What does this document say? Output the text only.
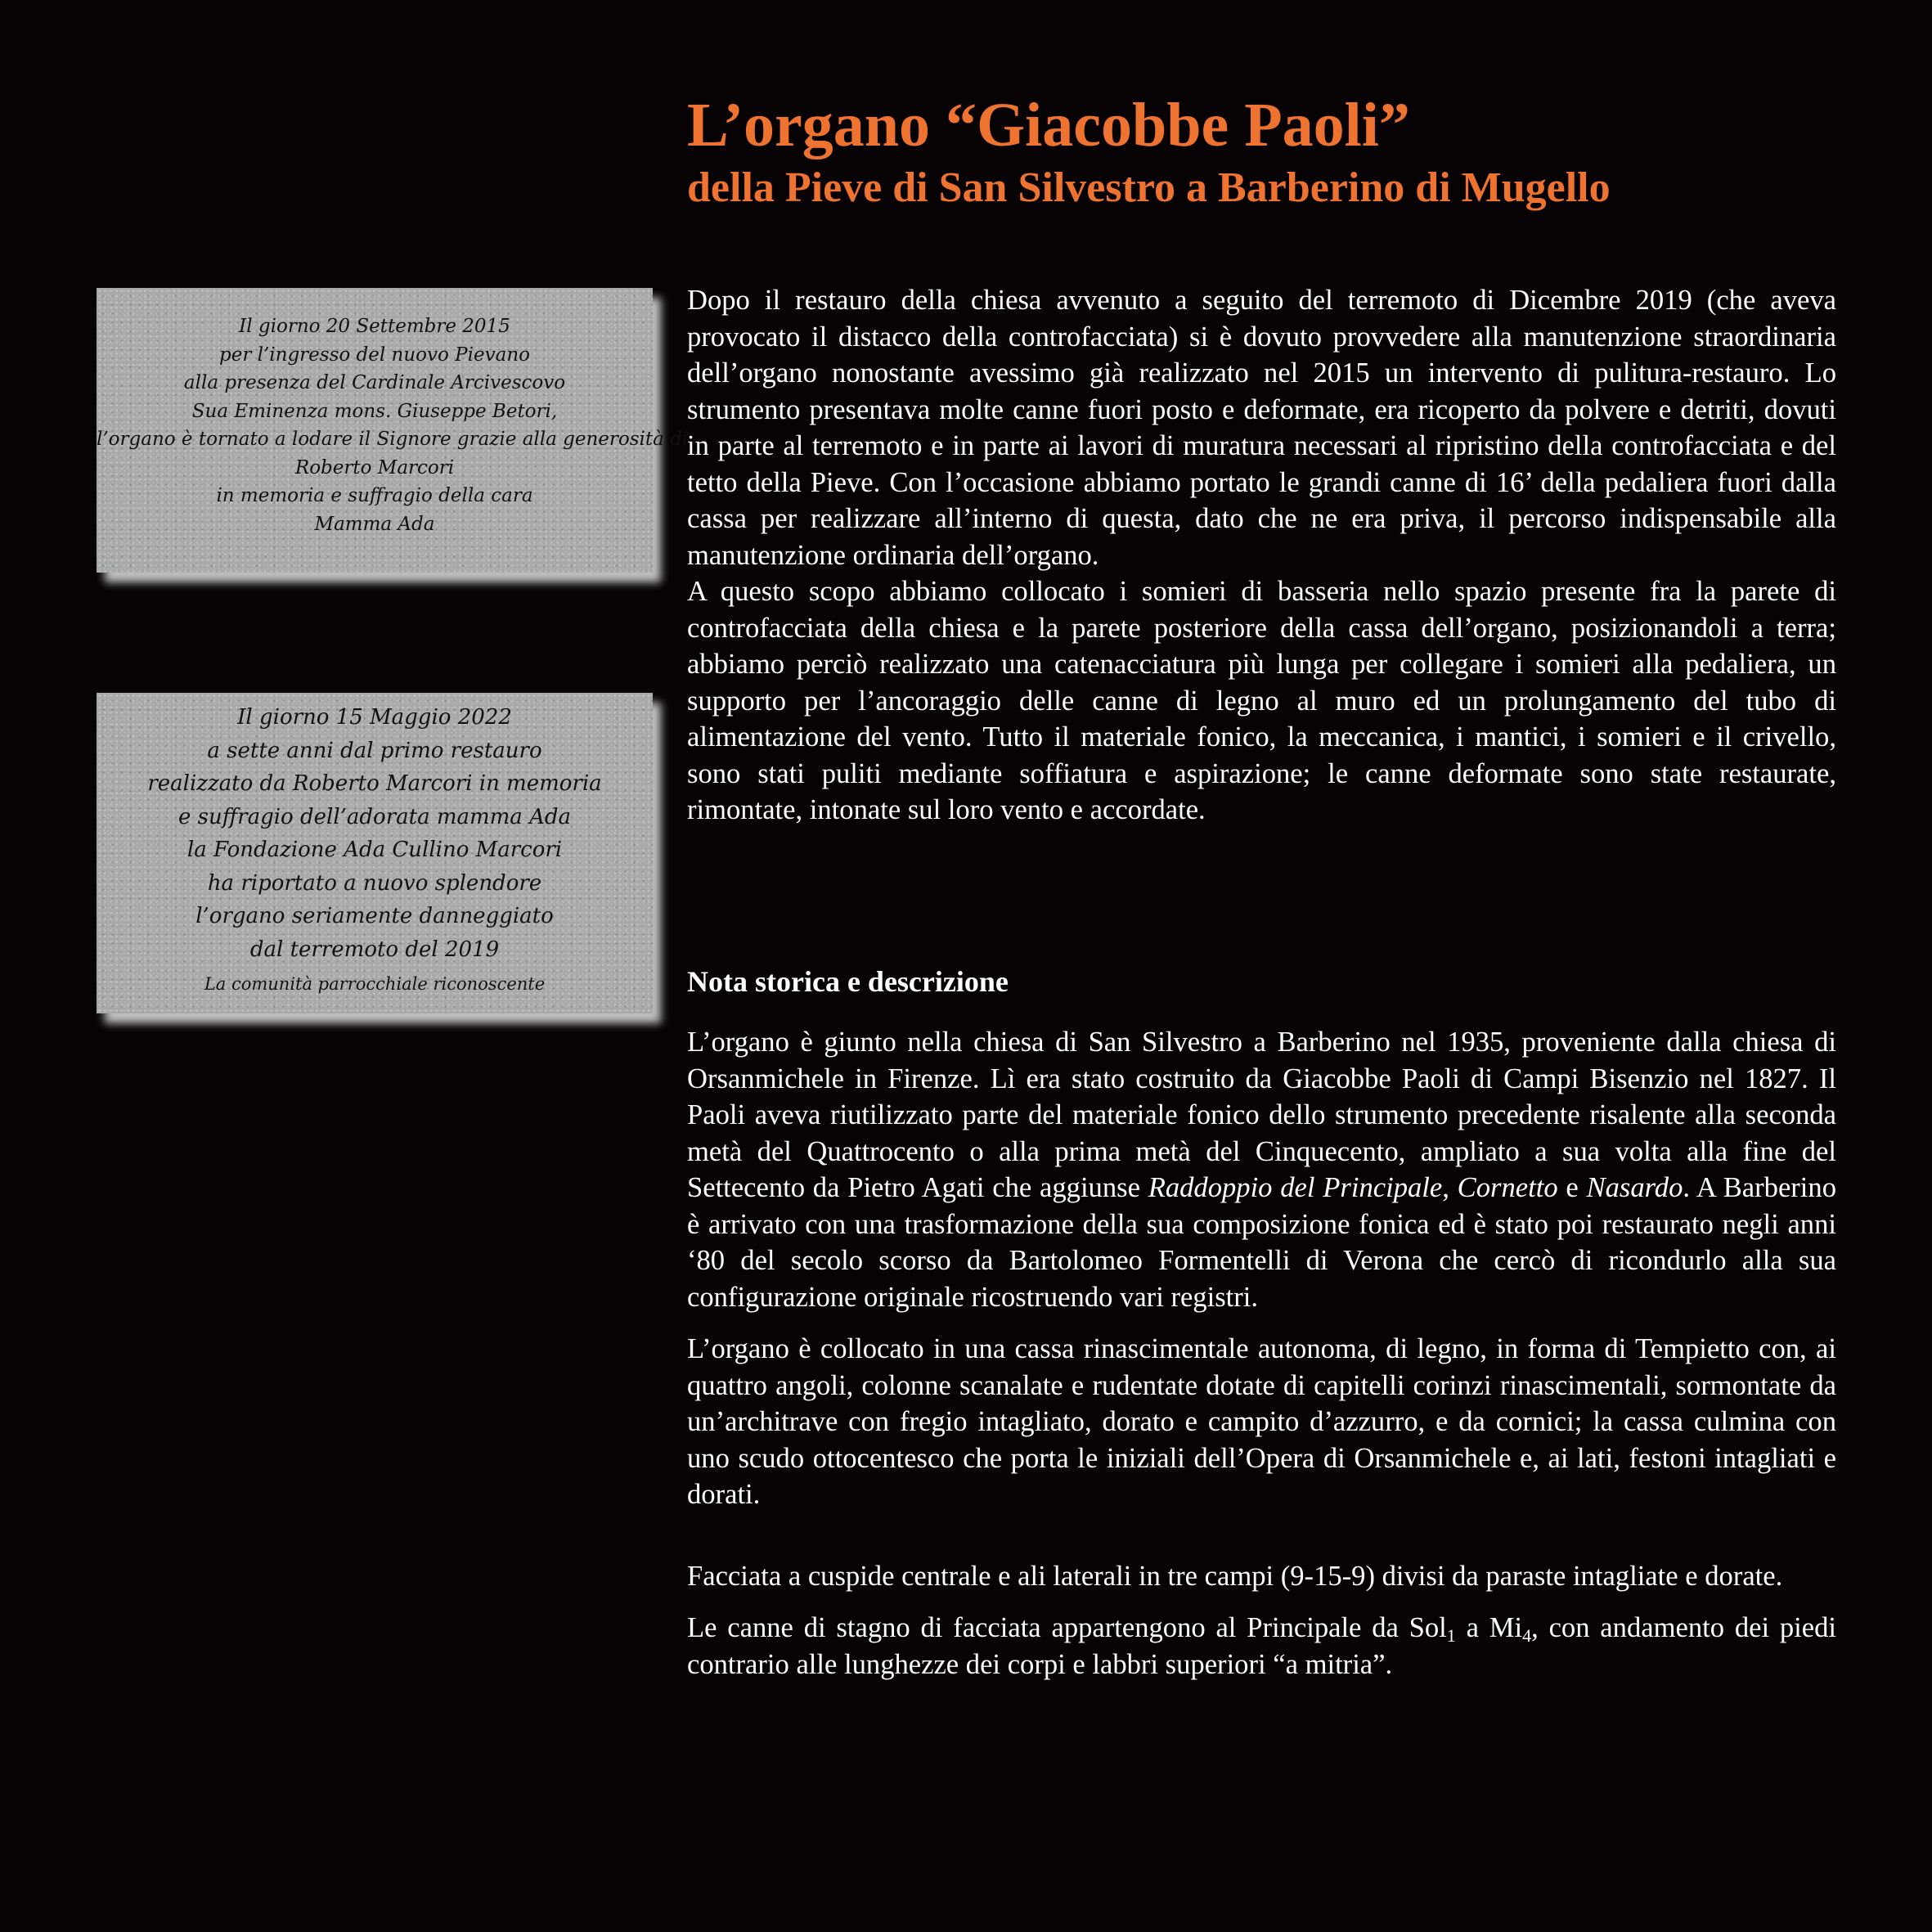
L’organo “Giacobbe Paoli”
della Pieve di San Silvestro a Barberino di Mugello
Il giorno 20 Settembre 2015
per l’ingresso del nuovo Pievano
alla presenza del Cardinale Arcivescovo
Sua Eminenza mons. Giuseppe Betori,
l’organo è tornato a lodare il Signore grazie alla generosità di
Roberto Marcori
in memoria e suffragio della cara
Mamma Ada
Il giorno 15 Maggio 2022
a sette anni dal primo restauro
realizzato da Roberto Marcori in memoria
e suffragio dell’adorata mamma Ada
la Fondazione Ada Cullino Marcori
ha riportato a nuovo splendore
l’organo seriamente danneggiato
dal terremoto del 2019
La comunità parrocchiale riconoscente

Dopo il restauro della chiesa avvenuto a seguito del terremoto di Dicembre 2019 (che aveva provocato il distacco della controfacciata) si è dovuto provvedere alla manutenzione straordinaria dell’organo nonostante avessimo già realizzato nel 2015 un intervento di pulitura-restauro. Lo strumento presentava molte canne fuori posto e deformate, era ricoperto da polvere e detriti, dovuti in parte al terremoto e in parte ai lavori di muratura necessari al ripristino della controfacciata e del tetto della Pieve. Con l’occasione abbiamo portato le grandi canne di 16’ della pedaliera fuori dalla cassa per realizzare all’interno di questa, dato che ne era priva, il percorso indispensabile alla manutenzione ordinaria dell’organo.

A questo scopo abbiamo collocato i somieri di basseria nello spazio presente fra la parete di controfacciata della chiesa e la parete posteriore della cassa dell’organo, posizionandoli a terra; abbiamo perciò realizzato una catenacciatura più lunga per collegare i somieri alla pedaliera, un supporto per l’ancoraggio delle canne di legno al muro ed un prolungamento del tubo di alimentazione del vento. Tutto il materiale fonico, la meccanica, i mantici, i somieri e il crivello, sono stati puliti mediante soffiatura e aspirazione; le canne deformate sono state restaurate, rimontate, intonate sul loro vento e accordate.

Nota storica e descrizione

L’organo è giunto nella chiesa di San Silvestro a Barberino nel 1935, proveniente dalla chiesa di Orsanmichele in Firenze. Lì era stato costruito da Giacobbe Paoli di Campi Bisenzio nel 1827. Il Paoli aveva riutilizzato parte del materiale fonico dello strumento precedente risalente alla seconda metà del Quattrocento o alla prima metà del Cinquecento, ampliato a sua volta alla fine del Settecento da Pietro Agati che aggiunse Raddoppio del Principale, Cornetto e Nasardo. A Barberino è arrivato con una trasformazione della sua composizione fonica ed è stato poi restaurato negli anni ‘80 del secolo scorso da Bartolomeo Formentelli di Verona che cercò di ricondurlo alla sua configurazione originale ricostruendo vari registri.

L’organo è collocato in una cassa rinascimentale autonoma, di legno, in forma di Tempietto con, ai quattro angoli, colonne scanalate e rudentate dotate di capitelli corinzi rinascimentali, sormontate da un’architrave con fregio intagliato, dorato e campito d’azzurro, e da cornici; la cassa culmina con uno scudo ottocentesco che porta le iniziali dell’Opera di Orsanmichele e, ai lati, festoni intagliati e dorati.

Facciata a cuspide centrale e ali laterali in tre campi (9-15-9) divisi da paraste intagliate e dorate.

Le canne di stagno di facciata appartengono al Principale da Sol$_1$ a $Mi_4$, con andamento dei piedi contrario alle lunghezze dei corpi e labbri superiori “a mitria”.
